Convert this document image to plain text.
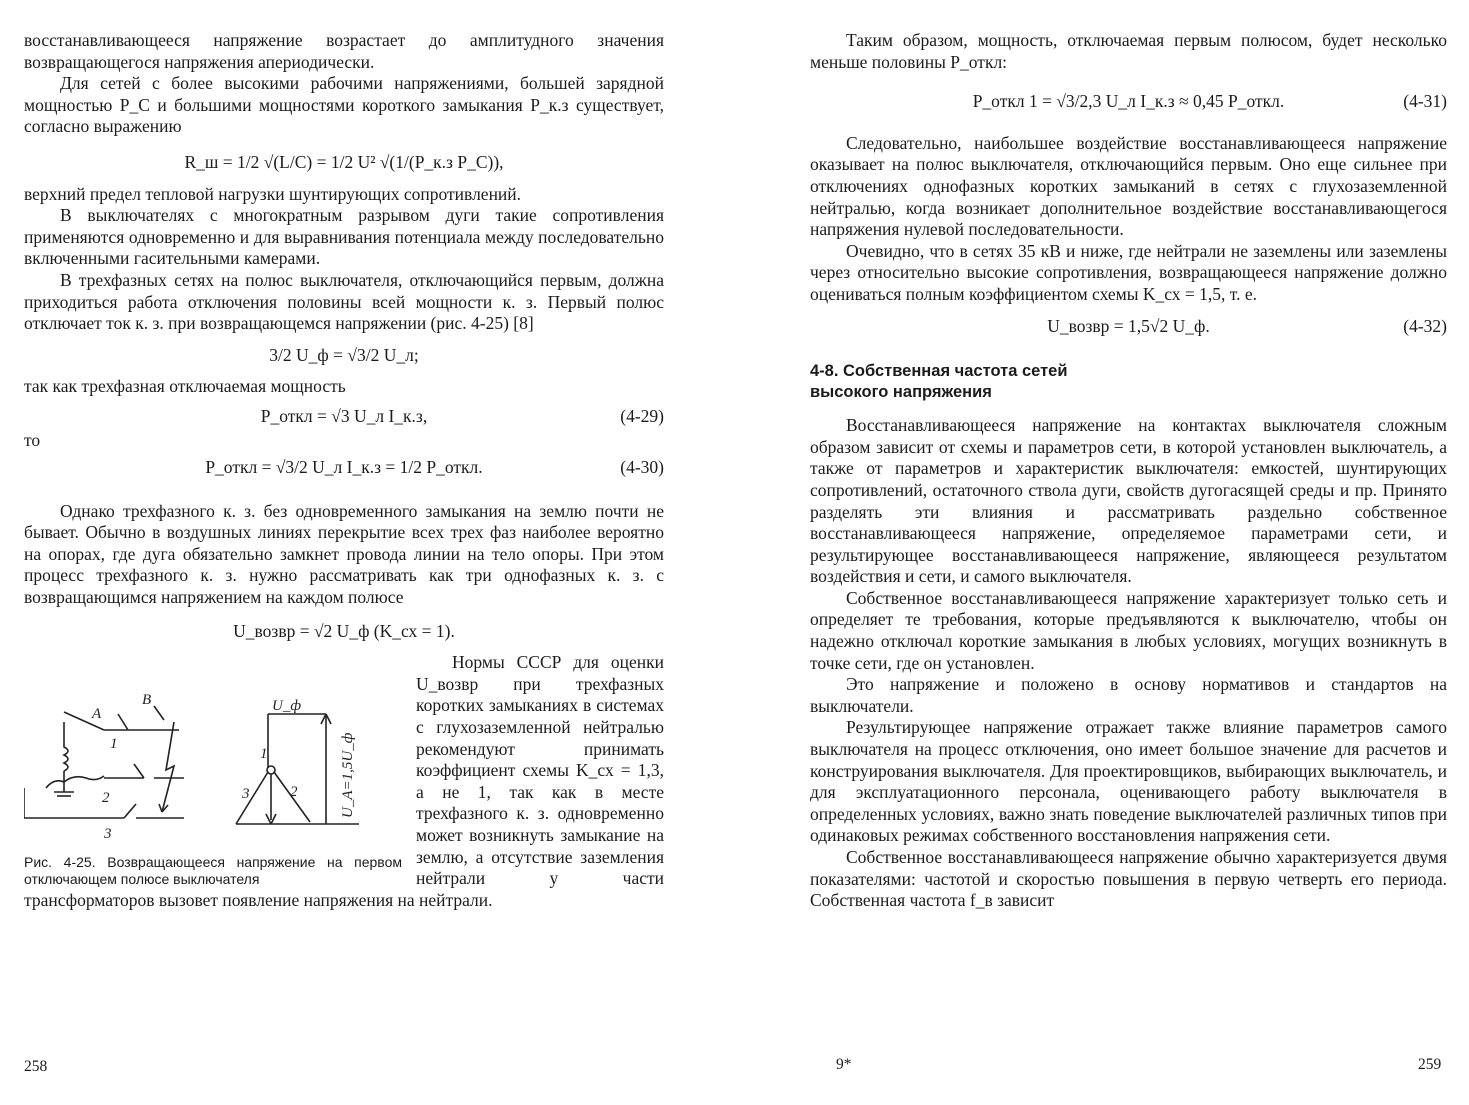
восстанавливающееся напряжение возрастает до амплитудного значения возвращающегося напряжения апериодически.

Для сетей с более высокими рабочими напряжениями, большей зарядной мощностью P_C и большими мощностями короткого замыкания P_к.з существует, согласно выражению

R_ш = 1/2 √(L/C) = 1/2 U² √(1/(P_к.з P_C)),

верхний предел тепловой нагрузки шунтирующих сопротивлений.

В выключателях с многократным разрывом дуги такие сопротивления применяются одновременно и для выравнивания потенциала между последовательно включенными гасительными камерами.

В трехфазных сетях на полюс выключателя, отключающийся первым, должна приходиться работа отключения половины всей мощности к. з. Первый полюс отключает ток к. з. при возвращающемся напряжении (рис. 4-25) [8]

3/2 U_ф = √3/2 U_л;

так как трехфазная отключаемая мощность

P_откл = √3 U_л I_к.з,	(4-29)
то
P_откл = √3/2 U_л I_к.з = 1/2 P_откл.	(4-30)

Однако трехфазного к. з. без одновременного замыкания на землю почти не бывает. Обычно в воздушных линиях перекрытие всех трех фаз наиболее вероятно на опорах, где дуга обязательно замкнет провода линии на тело опоры. При этом процесс трехфазного к. з. нужно рассматривать как три однофазных к. з. с возвращающимся напряжением на каждом полюсе

U_возвр = √2 U_ф (K_сх = 1).
A
B
1
2
3
U_ф
1
2
3	U_A=1,5U_ф
Рис. 4-25. Возвращающееся напряжение на первом отключающем полюсе выключателя

Нормы СССР для оценки U_возвр при трехфазных коротких замыканиях в системах с глухозаземленной нейтралью рекомендуют принимать коэффициент схемы K_сх = 1,3, а не 1, так как в месте трехфазного к. з. одновременно может возникнуть замыкание на землю, а отсутствие заземления нейтрали у части трансформаторов вызовет появление напряжения на нейтрали.

258

Таким образом, мощность, отключаемая первым полюсом, будет несколько меньше половины P_откл:

P_откл 1 = √3/2,3 U_л I_к.з ≈ 0,45 P_откл.	(4-31)

Следовательно, наибольшее воздействие восстанавливающееся напряжение оказывает на полюс выключателя, отключающийся первым. Оно еще сильнее при отключениях однофазных коротких замыканий в сетях с глухозаземленной нейтралью, когда возникает дополнительное воздействие восстанавливающегося напряжения нулевой последовательности.

Очевидно, что в сетях 35 кВ и ниже, где нейтрали не заземлены или заземлены через относительно высокие сопротивления, возвращающееся напряжение должно оцениваться полным коэффициентом схемы K_сх = 1,5, т. е.

U_возвр = 1,5√2 U_ф.	(4-32)
4-8. Собственная частота сетей
высокого напряжения

Восстанавливающееся напряжение на контактах выключателя сложным образом зависит от схемы и параметров сети, в которой установлен выключатель, а также от параметров и характеристик выключателя: емкостей, шунтирующих сопротивлений, остаточного ствола дуги, свойств дугогасящей среды и пр. Принято разделять эти влияния и рассматривать раздельно собственное восстанавливающееся напряжение, определяемое параметрами сети, и результирующее восстанавливающееся напряжение, являющееся результатом воздействия и сети, и самого выключателя.

Собственное восстанавливающееся напряжение характеризует только сеть и определяет те требования, которые предъявляются к выключателю, чтобы он надежно отключал короткие замыкания в любых условиях, могущих возникнуть в точке сети, где он установлен.

Это напряжение и положено в основу нормативов и стандартов на выключатели.

Результирующее напряжение отражает также влияние параметров самого выключателя на процесс отключения, оно имеет большое значение для расчетов и конструирования выключателя. Для проектировщиков, выбирающих выключатель, и для эксплуатационного персонала, оценивающего работу выключателя в определенных условиях, важно знать поведение выключателей различных типов при одинаковых режимах собственного восстановления напряжения сети.

Собственное восстанавливающееся напряжение обычно характеризуется двумя показателями: частотой и скоростью повышения в первую четверть его периода. Собственная частота f_в зависит

9*	259
